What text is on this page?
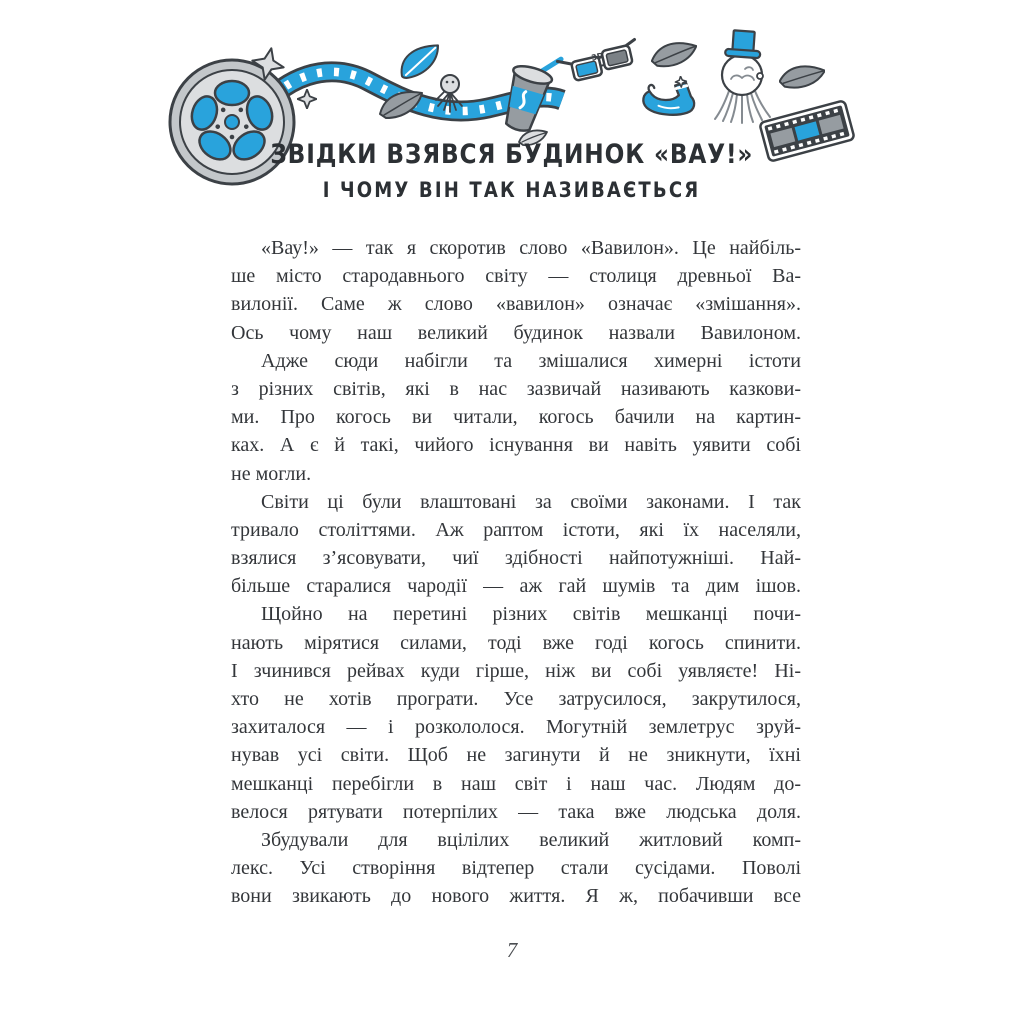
3D
ЗВІДКИ ВЗЯВСЯ БУДИНОК «ВАУ!»
І ЧОМУ ВІН ТАК НАЗИВАЄТЬСЯ
«Вау!» — так я скоротив слово «Вавилон». Це найбіль-
ше місто стародавнього світу — столиця древньої Ва-
вилонії. Саме ж слово «вавилон» означає «змішання».
Ось чому наш великий будинок назвали Вавилоном.
Адже сюди набігли та змішалися химерні істоти
з різних світів, які в нас зазвичай називають казкови-
ми. Про когось ви читали, когось бачили на картин-
ках. А є й такі, чийого існування ви навіть уявити собі
не могли.
Світи ці були влаштовані за своїми законами. І так
тривало століттями. Аж раптом істоти, які їх населяли,
взялися з’ясовувати, чиї здібності найпотужніші. Най-
більше старалися чародії — аж гай шумів та дим ішов.
Щойно на перетині різних світів мешканці почи-
нають мірятися силами, тоді вже годі когось спинити.
І зчинився рейвах куди гірше, ніж ви собі уявляєте! Ні-
хто не хотів програти. Усе затрусилося, закрутилося,
захиталося — і розкололося. Могутній землетрус зруй-
нував усі світи. Щоб не загинути й не зникнути, їхні
мешканці перебігли в наш світ і наш час. Людям до-
велося рятувати потерпілих — така вже людська доля.
Збудували для вцілілих великий житловий комп-
лекс. Усі створіння відтепер стали сусідами. Поволі
вони звикають до нового життя. Я ж, побачивши все
7
